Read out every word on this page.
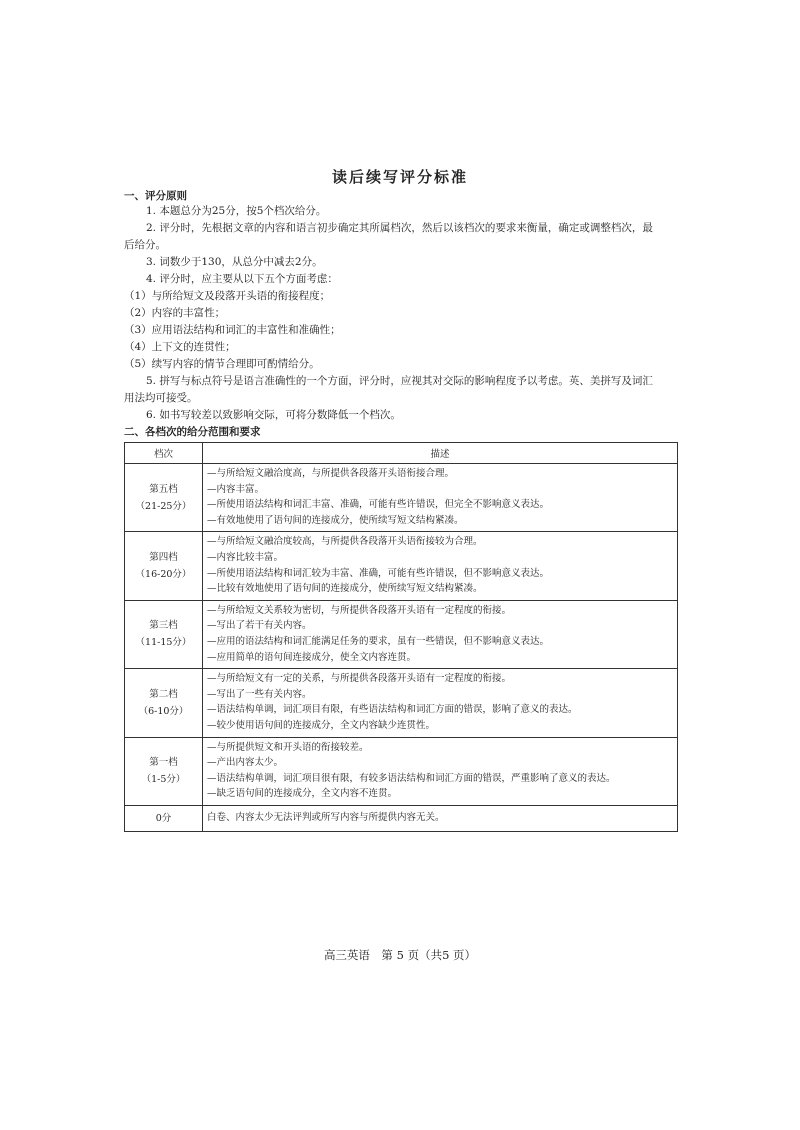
读后续写评分标准
一、评分原则
1. 本题总分为25分，按5个档次给分。
2. 评分时，先根据文章的内容和语言初步确定其所属档次，然后以该档次的要求来衡量，确定或调整档次，最
后给分。
3. 词数少于130，从总分中减去2分。
4. 评分时，应主要从以下五个方面考虑：
（1）与所给短文及段落开头语的衔接程度；
（2）内容的丰富性；
（3）应用语法结构和词汇的丰富性和准确性；
（4）上下文的连贯性；
（5）续写内容的情节合理即可酌情给分。
5. 拼写与标点符号是语言准确性的一个方面，评分时，应视其对交际的影响程度予以考虑。英、美拼写及词汇
用法均可接受。
6. 如书写较差以致影响交际，可将分数降低一个档次。
二、各档次的给分范围和要求
档次	描述

第五档
（21-25分）	—与所给短文融洽度高，与所提供各段落开头语衔接合理。
—内容丰富。
—所使用语法结构和词汇丰富、准确，可能有些许错误，但完全不影响意义表达。
—有效地使用了语句间的连接成分，使所续写短文结构紧凑。

第四档
（16-20分）	—与所给短文融洽度较高，与所提供各段落开头语衔接较为合理。
—内容比较丰富。
—所使用语法结构和词汇较为丰富、准确，可能有些许错误，但不影响意义表达。
—比较有效地使用了语句间的连接成分，使所续写短文结构紧凑。

第三档
（11-15分）	—与所给短文关系较为密切，与所提供各段落开头语有一定程度的衔接。
—写出了若干有关内容。
—应用的语法结构和词汇能满足任务的要求，虽有一些错误，但不影响意义表达。
—应用简单的语句间连接成分，使全文内容连贯。

第二档
（6-10分）	—与所给短文有一定的关系，与所提供各段落开头语有一定程度的衔接。
—写出了一些有关内容。
—语法结构单调，词汇项目有限，有些语法结构和词汇方面的错误，影响了意义的表达。
—较少使用语句间的连接成分，全文内容缺少连贯性。

第一档
（1-5分）	—与所提供短文和开头语的衔接较差。
—产出内容太少。
—语法结构单调，词汇项目很有限，有较多语法结构和词汇方面的错误，严重影响了意义的表达。
—缺乏语句间的连接成分，全文内容不连贯。

0分	白卷、内容太少无法评判或所写内容与所提供内容无关。
高三英语　第 5 页（共5 页）
